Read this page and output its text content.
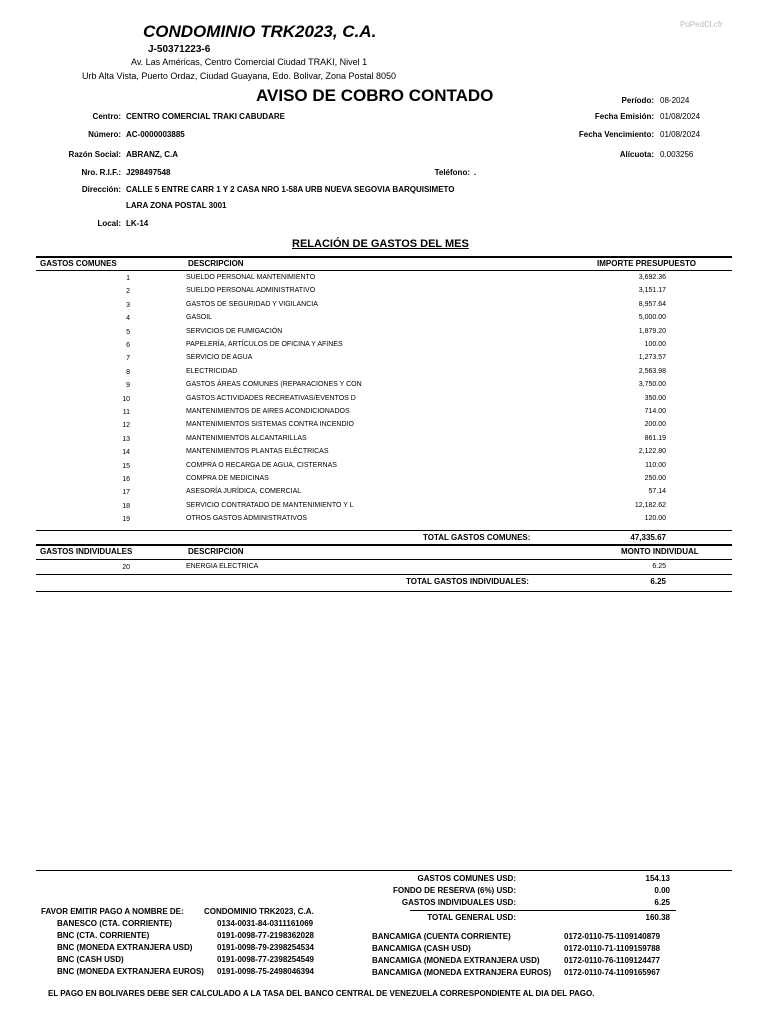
PoPedCl.cfr
CONDOMINIO TRK2023, C.A.
J-50371223-6
Av. Las Américas, Centro Comercial Ciudad TRAKI, Nivel 1
Urb Alta Vista, Puerto Ordaz, Ciudad Guayana, Edo. Bolivar, Zona Postal 8050
AVISO DE COBRO CONTADO
Centro: CENTRO COMERCIAL TRAKI CABUDARE
Número: AC-0000003885
Razón Social: ABRANZ, C.A
Nro. R.I.F.: J298497548	Teléfono: .
Dirección: CALLE 5 ENTRE CARR 1 Y 2 CASA NRO 1-58A URB NUEVA SEGOVIA BARQUISIMETO
LARA ZONA POSTAL 3001
Local: LK-14
Período: 08-2024
Fecha Emisión: 01/08/2024
Fecha Vencimiento: 01/08/2024
Alícuota: 0.003256
RELACIÓN DE GASTOS DEL MES
GASTOS COMUNES	DESCRIPCION	IMPORTE PRESUPUESTO
1	SUELDO PERSONAL MANTENIMIENTO	3,692.36
2	SUELDO PERSONAL ADMINISTRATIVO	3,151.17
3	GASTOS DE SEGURIDAD Y VIGILANCIA	8,957.64
4	GASOIL	5,000.00
5	SERVICIOS DE FUMIGACIÓN	1,879.20
6	PAPELERÍA, ARTÍCULOS DE OFICINA Y AFINES	100.00
7	SERVICIO DE AGUA	1,273.57
8	ELECTRICIDAD	2,563.98
9	GASTOS ÁREAS COMUNES (REPARACIONES Y CON	3,750.00
10	GASTOS ACTIVIDADES RECREATIVAS/EVENTOS D	350.00
11	MANTENIMIENTOS DE AIRES ACONDICIONADOS	714.00
12	MANTENIMIENTOS SISTEMAS CONTRA INCENDIO	200.00
13	MANTENIMIENTOS ALCANTARILLAS	861.19
14	MANTENIMIENTOS PLANTAS ELÉCTRICAS	2,122.80
15	COMPRA O RECARGA DE AGUA, CISTERNAS	110.00
16	COMPRA DE MEDICINAS	250.00
17	ASESORÍA JURÍDICA, COMERCIAL	57.14
18	SERVICIO CONTRATADO DE MANTENIMIENTO Y L	12,182.62
19	OTROS GASTOS ADMINISTRATIVOS	120.00
TOTAL GASTOS COMUNES:	47,335.67
GASTOS INDIVIDUALES	DESCRIPCION	MONTO INDIVIDUAL
20	ENERGIA ELECTRICA	6.25
TOTAL GASTOS INDIVIDUALES:	6.25
GASTOS COMUNES USD:	154.13
FONDO DE RESERVA (6%) USD:	0.00
GASTOS INDIVIDUALES USD:	6.25
TOTAL GENERAL USD:	160.38
FAVOR EMITIR PAGO A NOMBRE DE:	CONDOMINIO TRK2023, C.A.
BANESCO (CTA. CORRIENTE)	0134-0031-84-0311161069
BNC (CTA. CORRIENTE)	0191-0098-77-2198362028
BNC (MONEDA EXTRANJERA USD)	0191-0098-79-2398254534
BNC (CASH USD)	0191-0098-77-2398254549
BNC (MONEDA EXTRANJERA EUROS) 0191-0098-75-2498046394
BANCAMIGA (CUENTA CORRIENTE)	0172-0110-75-1109140879
BANCAMIGA (CASH USD)	0172-0110-71-1109159788
BANCAMIGA (MONEDA EXTRANJERA USD)	0172-0110-76-1109124477
BANCAMIGA (MONEDA EXTRANJERA EUROS) 0172-0110-74-1109165967
EL PAGO EN BOLIVARES DEBE SER CALCULADO A LA TASA DEL BANCO CENTRAL DE VENEZUELA CORRESPONDIENTE AL DIA DEL PAGO.
